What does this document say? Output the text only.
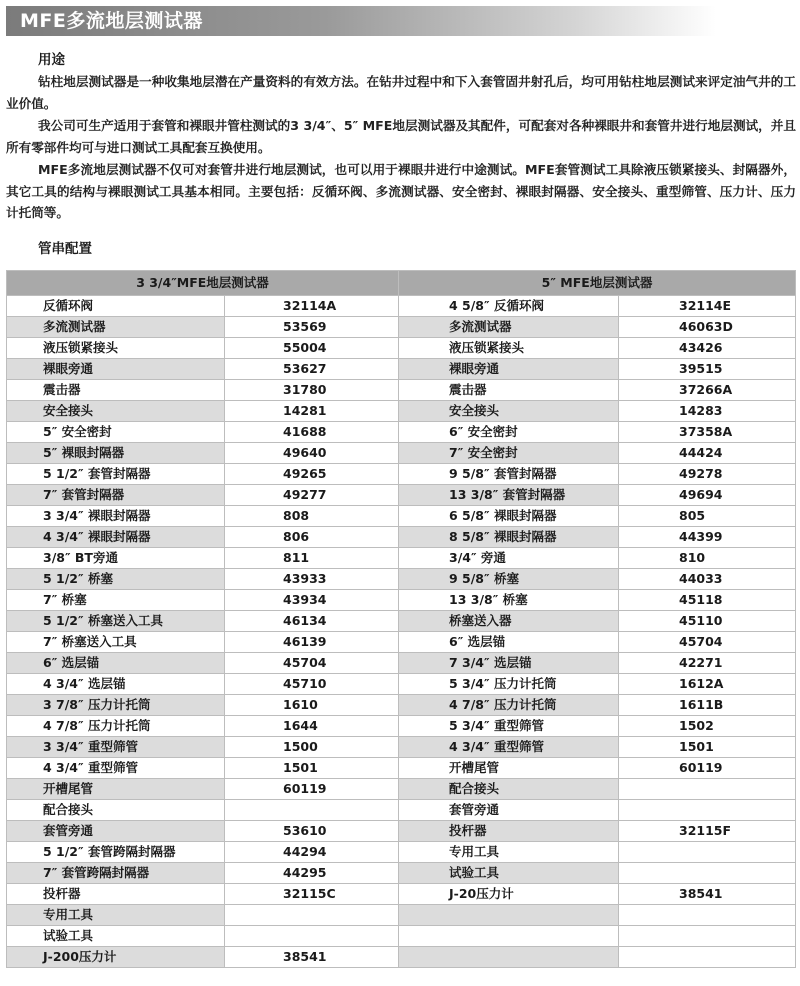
MFE多流地层测试器

用途

钻柱地层测试器是一种收集地层潜在产量资料的有效方法。在钻井过程中和下入套管固井射孔后，均可用钻柱地层测试来评定油气井的工业价值。

我公司可生产适用于套管和裸眼井管柱测试的3 3/4″、5″ MFE地层测试器及其配件，可配套对各种裸眼井和套管井进行地层测试，并且所有零部件均可与进口测试工具配套互换使用。

MFE多流地层测试器不仅可对套管井进行地层测试，也可以用于裸眼井进行中途测试。MFE套管测试工具除液压锁紧接头、封隔器外，其它工具的结构与裸眼测试工具基本相同。主要包括：反循环阀、多流测试器、安全密封、裸眼封隔器、安全接头、重型筛管、压力计、压力计托筒等。

管串配置

3 3/4″MFE地层测试器		5″ MFE地层测试器	
反循环阀	32114A	4 5/8″ 反循环阀	32114E
多流测试器	53569	多流测试器	46063D
液压锁紧接头	55004	液压锁紧接头	43426
裸眼旁通	53627	裸眼旁通	39515
震击器	31780	震击器	37266A
安全接头	14281	安全接头	14283
5″ 安全密封	41688	6″ 安全密封	37358A
5″ 裸眼封隔器	49640	7″ 安全密封	44424
5 1/2″ 套管封隔器	49265	9 5/8″ 套管封隔器	49278
7″ 套管封隔器	49277	13 3/8″ 套管封隔器	49694
3 3/4″ 裸眼封隔器	808	6 5/8″ 裸眼封隔器	805
4 3/4″ 裸眼封隔器	806	8 5/8″ 裸眼封隔器	44399
3/8″ BT旁通	811	3/4″ 旁通	810
5 1/2″ 桥塞	43933	9 5/8″ 桥塞	44033
7″ 桥塞	43934	13 3/8″ 桥塞	45118
5 1/2″ 桥塞送入工具	46134	桥塞送入器	45110
7″ 桥塞送入工具	46139	6″ 选层锚	45704
6″ 选层锚	45704	7 3/4″ 选层锚	42271
4 3/4″ 选层锚	45710	5 3/4″ 压力计托筒	1612A
3 7/8″ 压力计托筒	1610	4 7/8″ 压力计托筒	1611B
4 7/8″ 压力计托筒	1644	5 3/4″ 重型筛管	1502
3 3/4″ 重型筛管	1500	4 3/4″ 重型筛管	1501
4 3/4″ 重型筛管	1501	开槽尾管	60119
开槽尾管	60119	配合接头	
配合接头		套管旁通	
套管旁通	53610	投杆器	32115F
5 1/2″ 套管跨隔封隔器	44294	专用工具	
7″ 套管跨隔封隔器	44295	试验工具	
投杆器	32115C	J-20压力计	38541
专用工具			
试验工具			
J-200压力计	38541		
